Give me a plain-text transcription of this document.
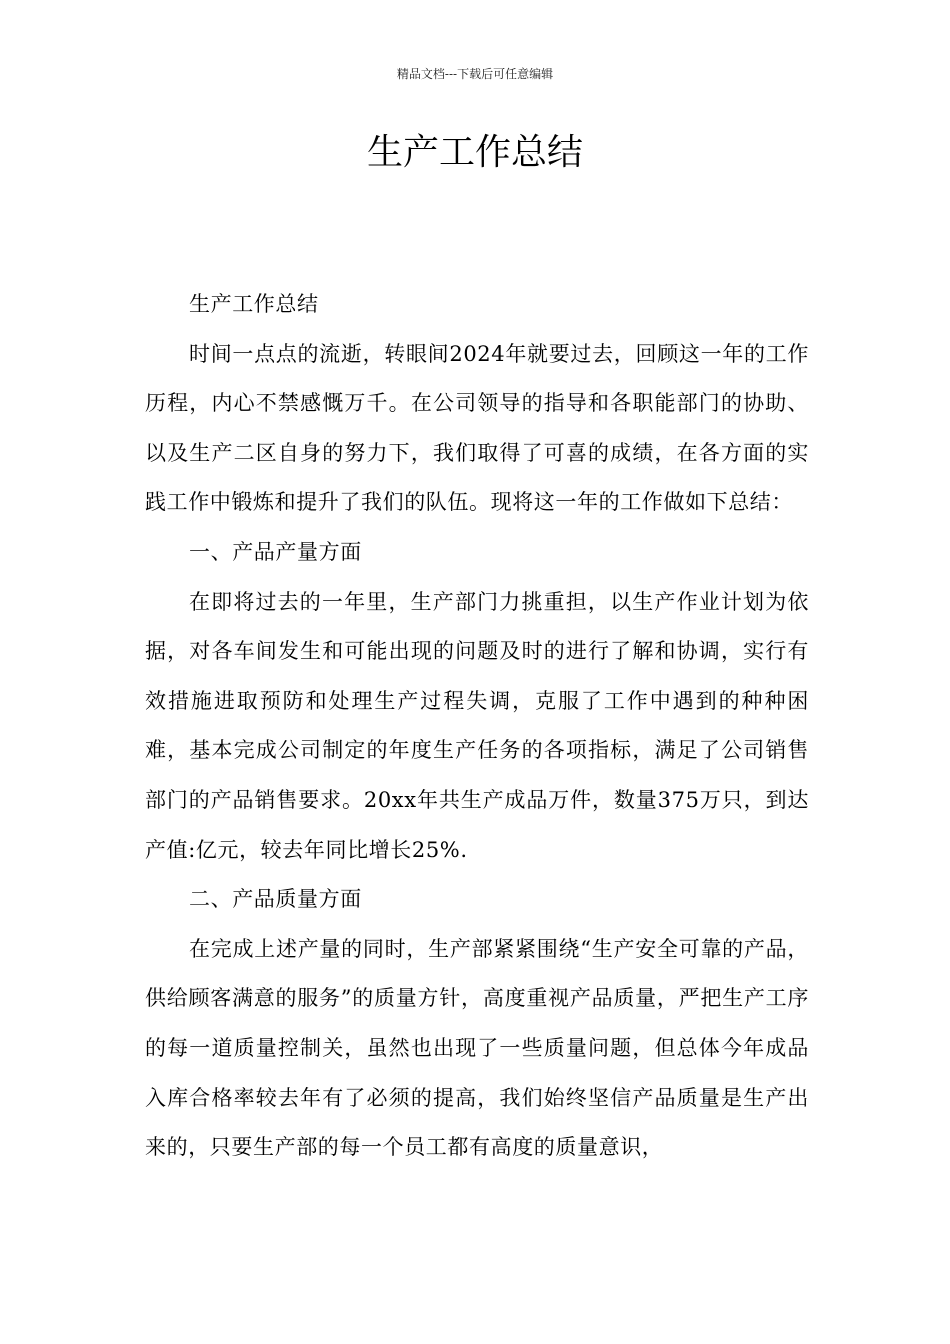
精品文档---下载后可任意编辑
生产工作总结

生产工作总结

时间一点点的流逝，转眼间2024年就要过去，回顾这一年的工作历程，内心不禁感慨万千。在公司领导的指导和各职能部门的协助、以及生产二区自身的努力下，我们取得了可喜的成绩，在各方面的实践工作中锻炼和提升了我们的队伍。现将这一年的工作做如下总结：

一、产品产量方面

在即将过去的一年里，生产部门力挑重担，以生产作业计划为依据，对各车间发生和可能出现的问题及时的进行了解和协调，实行有效措施进取预防和处理生产过程失调，克服了工作中遇到的种种困难，基本完成公司制定的年度生产任务的各项指标，满足了公司销售部门的产品销售要求。20xx年共生产成品万件，数量375万只，到达产值:亿元，较去年同比增长25%.

二、产品质量方面

在完成上述产量的同时，生产部紧紧围绕“生产安全可靠的产品，供给顾客满意的服务”的质量方针，高度重视产品质量，严把生产工序的每一道质量控制关，虽然也出现了一些质量问题，但总体今年成品入库合格率较去年有了必须的提高，我们始终坚信产品质量是生产出来的，只要生产部的每一个员工都有高度的质量意识，
